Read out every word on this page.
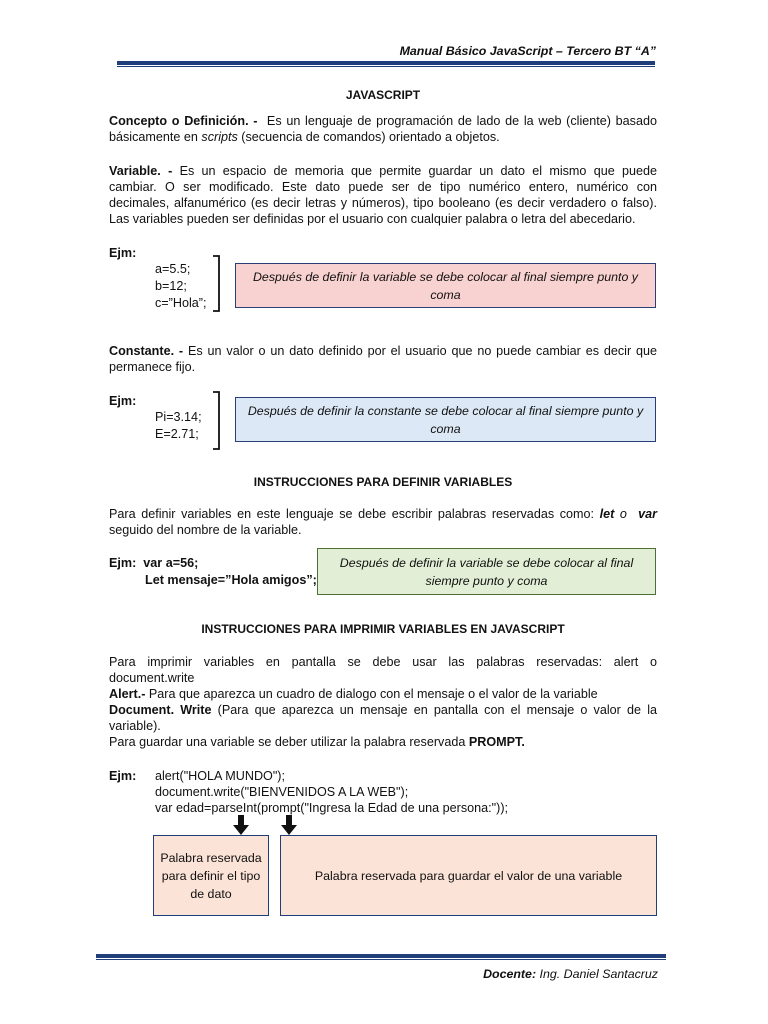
Manual Básico JavaScript – Tercero BT “A”
JAVASCRIPT
Concepto o Definición. - Es un lenguaje de programación de lado de la web (cliente) basado
básicamente en scripts (secuencia de comandos) orientado a objetos.
Variable. - Es un espacio de memoria que permite guardar un dato el mismo que puede
cambiar. O ser modificado. Este dato puede ser de tipo numérico entero, numérico con
decimales, alfanumérico (es decir letras y números), tipo booleano (es decir verdadero o falso).
Las variables pueden ser definidas por el usuario con cualquier palabra o letra del abecedario.
Ejm:
a=5.5;
b=12;
c=”Hola”;
Después de definir la variable se debe colocar al final siempre punto y coma
Constante. - Es un valor o un dato definido por el usuario que no puede cambiar es decir que
permanece fijo.
Ejm:
Pi=3.14;
E=2.71;
Después de definir la constante se debe colocar al final siempre punto y coma
INSTRUCCIONES PARA DEFINIR VARIABLES
Para definir variables en este lenguaje se debe escribir palabras reservadas como: let o  var
seguido del nombre de la variable.
Ejm: var a=56;
Let mensaje=”Hola amigos”;
Después de definir la variable se debe colocar al final siempre punto y coma
INSTRUCCIONES PARA IMPRIMIR VARIABLES EN JAVASCRIPT
Para imprimir variables en pantalla se debe usar las palabras reservadas: alert o
document.write
Alert.- Para que aparezca un cuadro de dialogo con el mensaje o el valor de la variable
Document. Write (Para que aparezca un mensaje en pantalla con el mensaje o valor de la
variable).
Para guardar una variable se deber utilizar la palabra reservada PROMPT.
Ejm: alert("HOLA MUNDO");
document.write("BIENVENIDOS A LA WEB");
var edad=parseInt(prompt("Ingresa la Edad de una persona:"));
Palabra reservada para definir el tipo de dato
Palabra reservada para guardar el valor de una variable
Docente: Ing. Daniel Santacruz
